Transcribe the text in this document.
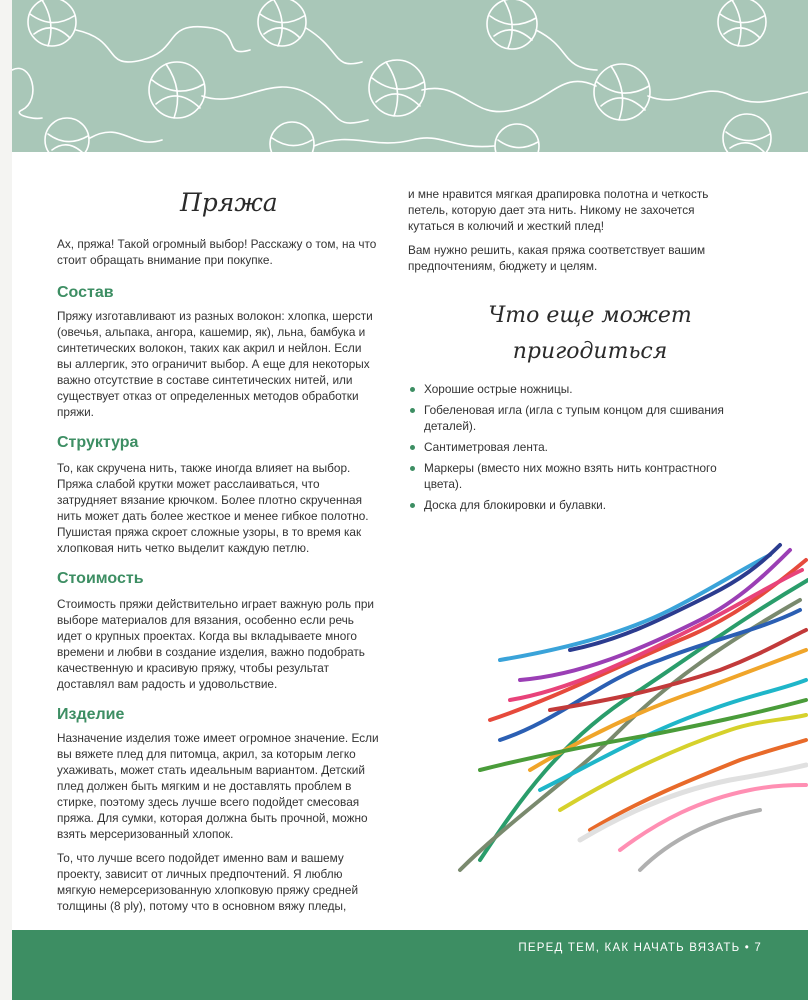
Пряжа

Ах, пряжа! Такой огромный выбор! Расскажу о том, на что стоит обращать внимание при покупке.

Состав

Пряжу изготавливают из разных волокон: хлопка, шерсти (овечья, альпака, ангора, кашемир, як), льна, бамбука и синтетических волокон, таких как акрил и нейлон. Если вы аллергик, это ограничит выбор. А еще для некоторых важно отсутствие в составе синтетических нитей, или существует отказ от определенных методов обработки пряжи.

Структура

То, как скручена нить, также иногда влияет на выбор. Пряжа слабой крутки может расслаиваться, что затрудняет вязание крючком. Более плотно скрученная нить может дать более жесткое и менее гибкое полотно. Пушистая пряжа скроет сложные узоры, в то время как хлопковая нить четко выделит каждую петлю.

Стоимость

Стоимость пряжи действительно играет важную роль при выборе материалов для вязания, особенно если речь идет о крупных проектах. Когда вы вкладываете много времени и любви в создание изделия, важно подобрать качественную и красивую пряжу, чтобы результат доставлял вам радость и удовольствие.

Изделие

Назначение изделия тоже имеет огромное значение. Если вы вяжете плед для питомца, акрил, за которым легко ухаживать, может стать идеальным вариантом. Детский плед должен быть мягким и не доставлять проблем в стирке, поэтому здесь лучше всего подойдет смесовая пряжа. Для сумки, которая должна быть прочной, можно взять мерсеризованный хлопок.

То, что лучше всего подойдет именно вам и вашему проекту, зависит от личных предпочтений. Я люблю мягкую немерсеризованную хлопковую пряжу средней толщины (8 ply), потому что в основном вяжу пледы,

и мне нравится мягкая драпировка полотна и четкость петель, которую дает эта нить. Никому не захочется кутаться в колючий и жесткий плед!

Вам нужно решить, какая пряжа соответствует вашим предпочтениям, бюджету и целям.

Что еще может
пригодиться
Хорошие острые ножницы.
Гобеленовая игла (игла с тупым концом для сшивания деталей).
Сантиметровая лента.
Маркеры (вместо них можно взять нить контрастного цвета).
Доска для блокировки и булавки.
ПЕРЕД ТЕМ, КАК НАЧАТЬ ВЯЗАТЬ • 7
